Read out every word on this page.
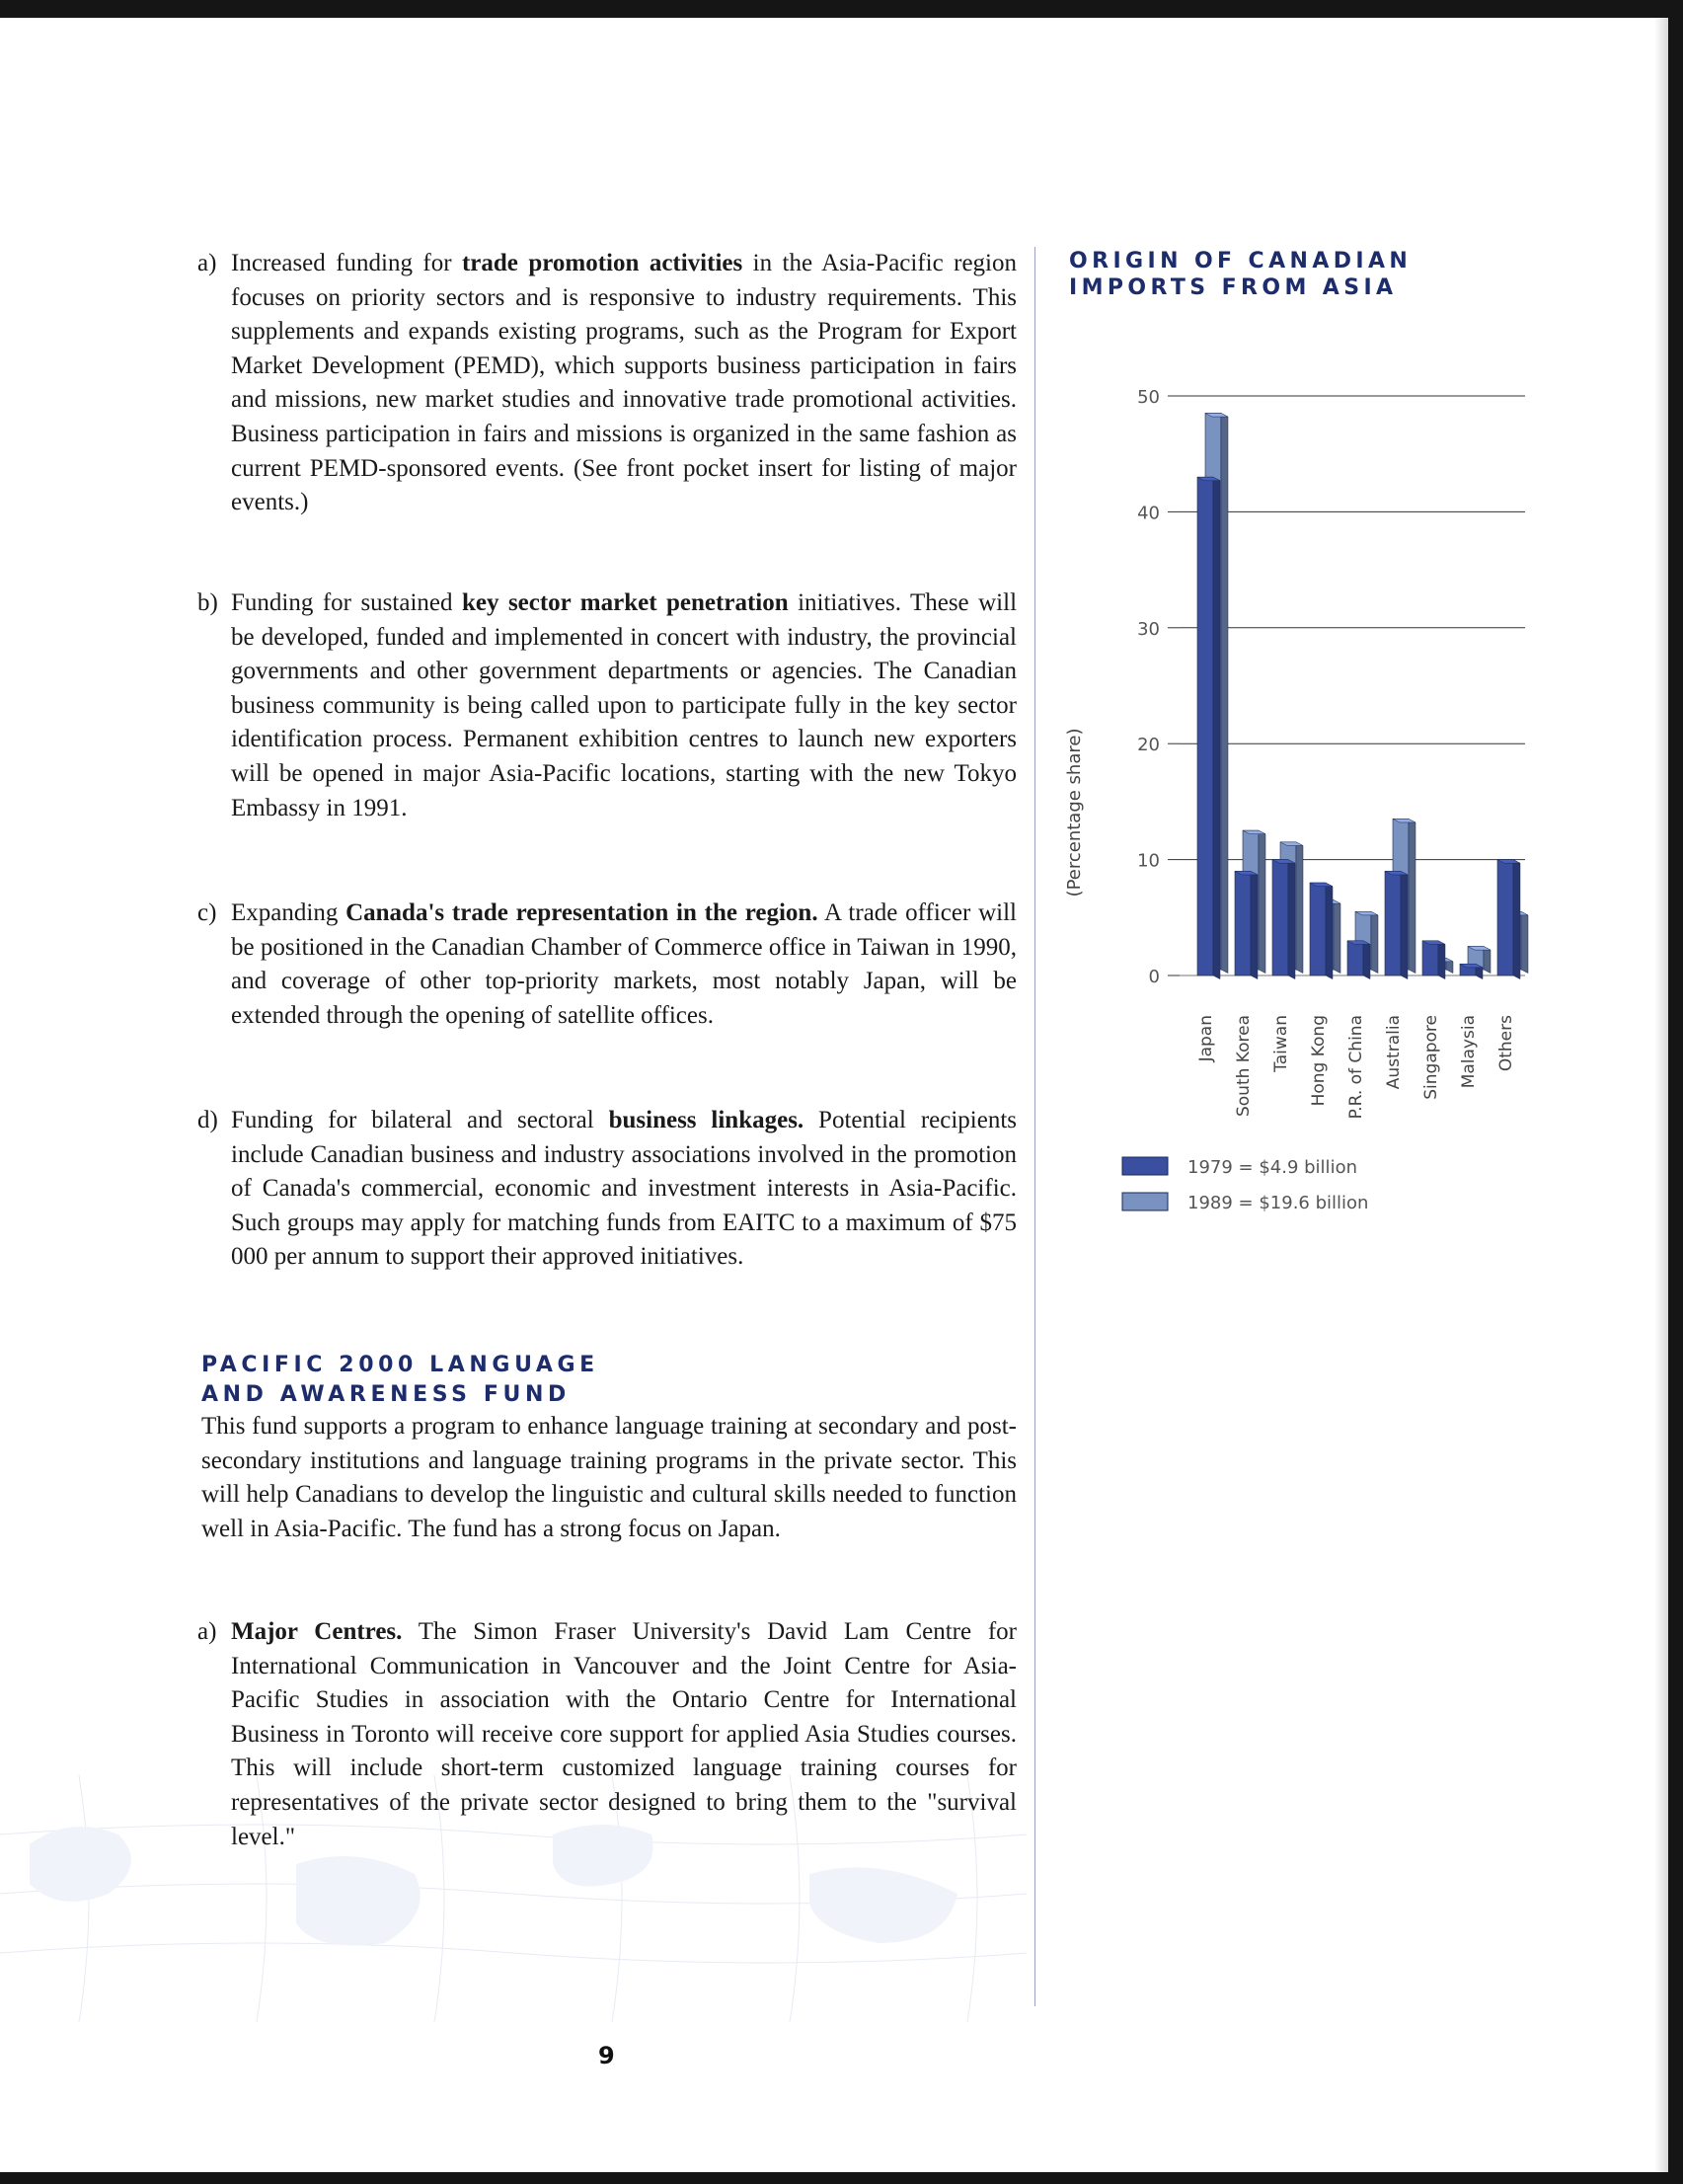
a) Increased funding for trade promotion activities in the Asia-Pacific region focuses on priority sectors and is responsive to industry requirements. This supplements and expands existing programs, such as the Program for Export Market Development (PEMD), which supports business participation in fairs and missions, new market studies and innovative trade promotional activities. Business participation in fairs and missions is organized in the same fashion as current PEMD-sponsored events. (See front pocket insert for listing of major events.)
b) Funding for sustained key sector market penetration initiatives. These will be developed, funded and implemented in concert with industry, the provincial governments and other government departments or agencies. The Canadian business community is being called upon to participate fully in the key sector identification process. Permanent exhibition centres to launch new exporters will be opened in major Asia-Pacific locations, starting with the new Tokyo Embassy in 1991.
c) Expanding Canada's trade representation in the region. A trade officer will be positioned in the Canadian Chamber of Commerce office in Taiwan in 1990, and coverage of other top-priority markets, most notably Japan, will be extended through the opening of satellite offices.
d) Funding for bilateral and sectoral business linkages. Potential recipients include Canadian business and industry associations involved in the promotion of Canada's commercial, economic and investment interests in Asia-Pacific. Such groups may apply for matching funds from EAITC to a maximum of $75 000 per annum to support their approved initiatives.
PACIFIC 2000 LANGUAGE
AND AWARENESS FUND
This fund supports a program to enhance language training at secondary and post-secondary institutions and language training programs in the private sector. This will help Canadians to develop the linguistic and cultural skills needed to function well in Asia-Pacific. The fund has a strong focus on Japan.
a) Major Centres. The Simon Fraser University's David Lam Centre for International Communication in Vancouver and the Joint Centre for Asia-Pacific Studies in association with the Ontario Centre for International Business in Toronto will receive core support for applied Asia Studies courses. This will include short-term customized language training courses for representatives of the private sector designed to bring them to the "survival level."
ORIGIN OF CANADIAN
IMPORTS FROM ASIA
0
10
20
30
40
50
(Percentage share)
Japan South Korea Taiwan Hong Kong P.R. of China Australia Singapore Malaysia Others
1979 = $4.9 billion
1989 = $19.6 billion
9
